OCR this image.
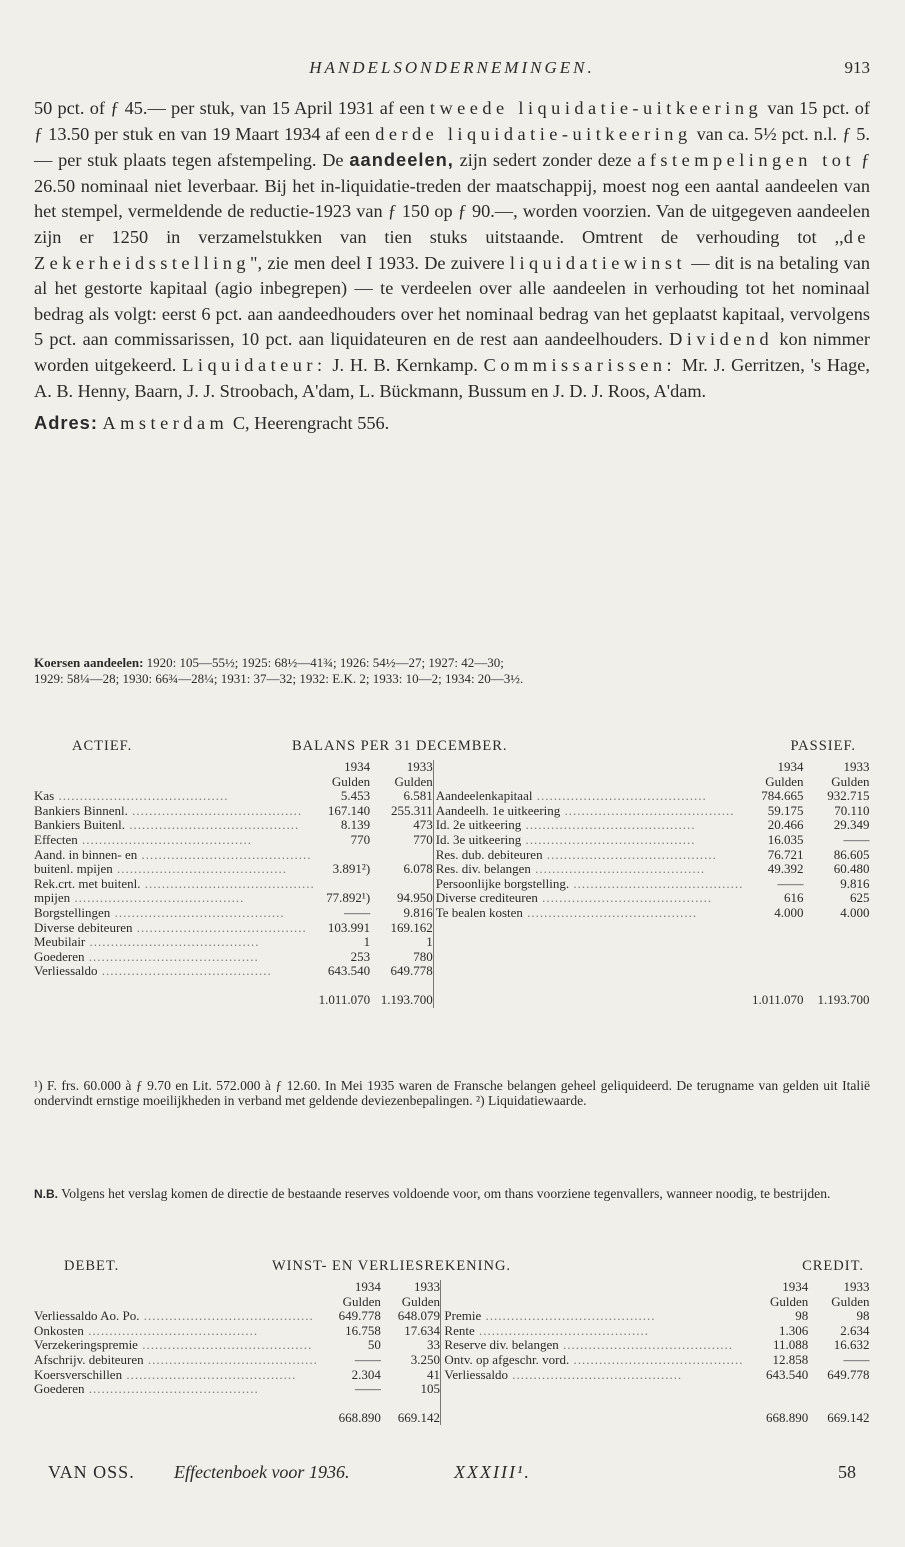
HANDELSONDERNEMINGEN.	913

50 pct. of ƒ 45.— per stuk, van 15 April 1931 af een tweede liquidatie-uitkeering van 15 pct. of ƒ 13.50 per stuk en van 19 Maart 1934 af een derde liquidatie-uitkeering van ca. 5½ pct. n.l. ƒ 5.— per stuk plaats tegen afstempeling. De aandeelen, zijn sedert zonder deze afstempelingen tot ƒ 26.50 nominaal niet leverbaar. Bij het in-liquidatie-treden der maatschappij, moest nog een aantal aandeelen van het stempel, vermeldende de reductie-1923 van ƒ 150 op ƒ 90.—, worden voorzien. Van de uitgegeven aandeelen zijn er 1250 in verzamelstukken van tien stuks uitstaande. Omtrent de verhouding tot ,,de Zekerheidsstelling", zie men deel I 1933. De zuivere liquidatiewinst — dit is na betaling van al het gestorte kapitaal (agio inbegrepen) — te verdeelen over alle aandeelen in verhouding tot het nominaal bedrag als volgt: eerst 6 pct. aan aandeedhouders over het nominaal bedrag van het geplaatst kapitaal, vervolgens 5 pct. aan commissarissen, 10 pct. aan liquidateuren en de rest aan aandeelhouders. Dividend kon nimmer worden uitgekeerd. Liquidateur: J. H. B. Kernkamp. Commissarissen: Mr. J. Gerritzen, 's Hage, A. B. Henny, Baarn, J. J. Stroobach, A'dam, L. Bückmann, Bussum en J. D. J. Roos, A'dam.

Adres: Amsterdam C, Heerengracht 556.

Koersen aandeelen: 1920: 105—55½; 1925: 68½—41¾; 1926: 54½—27; 1927: 42—30;
1929: 58¼—28; 1930: 66¾—28¼; 1931: 37—32; 1932: E.K. 2; 1933: 10—2; 1934: 20—3½.
ACTIEF.	BALANS PER 31 DECEMBER.	PASSIEF.
	1934	1933			1934	1933
	Gulden	Gulden			Gulden	Gulden
Kas ........................................	5.453	6.581		Aandeelenkapitaal ........................................	784.665	932.715
Bankiers Binnenl. ........................................	167.140	255.311		Aandeelh. 1e uitkeering ........................................	59.175	70.110
Bankiers Buitenl. ........................................	8.139	473		Id. 2e uitkeering ........................................	20.466	29.349
Effecten ........................................	770	770		Id. 3e uitkeering ........................................	16.035	——
Aand. in binnen- en ........................................				Res. dub. debiteuren ........................................	76.721	86.605
buitenl. mpijen ........................................	3.891²)	6.078		Res. div. belangen ........................................	49.392	60.480
Rek.crt. met buitenl. ........................................				Persoonlijke borgstelling. ........................................	——	9.816
mpijen ........................................	77.892¹)	94.950		Diverse crediteuren ........................................	616	625
Borgstellingen ........................................	——	9.816		Te bealen kosten ........................................	4.000	4.000
Diverse debiteuren ........................................	103.991	169.162				
Meubilair ........................................	1	1				
Goederen ........................................	253	780				
Verliessaldo ........................................	643.540	649.778				
	1.011.070	1.193.700			1.011.070	1.193.700

¹) F. frs. 60.000 à ƒ 9.70 en Lit. 572.000 à ƒ 12.60. In Mei 1935 waren de Fransche belangen geheel geliquideerd. De terugname van gelden uit Italië ondervindt ernstige moeilijkheden in verband met geldende deviezenbepalingen. ²) Liquidatiewaarde.

N.B. Volgens het verslag komen de directie de bestaande reserves voldoende voor, om thans voorziene tegenvallers, wanneer noodig, te bestrijden.

DEBET.	WINST- EN VERLIESREKENING.	CREDIT.
	1934	1933			1934	1933
	Gulden	Gulden			Gulden	Gulden
Verliessaldo Ao. Po. ........................................	649.778	648.079		Premie ........................................	98	98
Onkosten ........................................	16.758	17.634		Rente ........................................	1.306	2.634
Verzekeringspremie ........................................	50	33		Reserve div. belangen ........................................	11.088	16.632
Afschrijv. debiteuren ........................................	——	3.250		Ontv. op afgeschr. vord. ........................................	12.858	——
Koersverschillen ........................................	2.304	41		Verliessaldo ........................................	643.540	649.778
Goederen ........................................	——	105				
	668.890	669.142			668.890	669.142
VAN OSS. Effectenboek voor 1936.	XXXIII¹.	58
